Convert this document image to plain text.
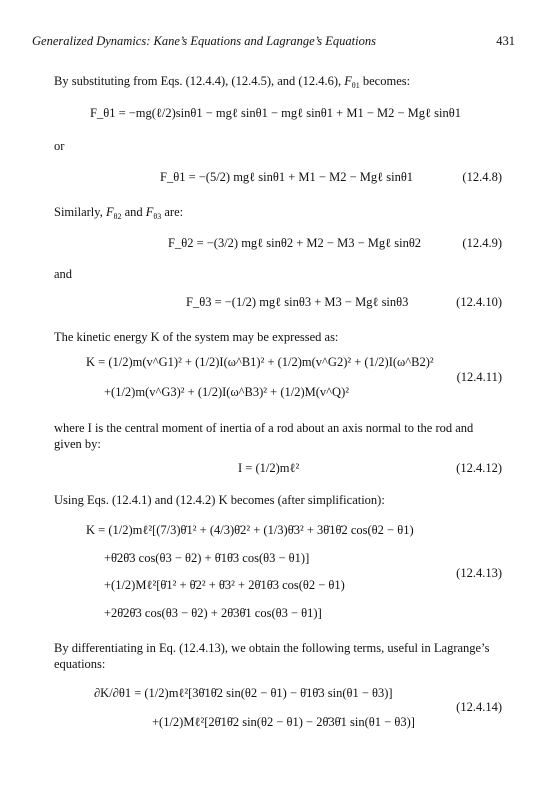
Generalized Dynamics: Kane’s Equations and Lagrange’s Equations	431
By substituting from Eqs. (12.4.4), (12.4.5), and (12.4.6), $F_{\theta 1}$ becomes:
F_θ1 = −mg(ℓ/2)sinθ1 − mgℓ sinθ1 − mgℓ sinθ1 + M1 − M2 − Mgℓ sinθ1
or
F_θ1 = −(5/2) mgℓ sinθ1 + M1 − M2 − Mgℓ sinθ1	(12.4.8)
Similarly, $F_{\theta 2}$ and $F_{\theta 3}$ are:
F_θ2 = −(3/2) mgℓ sinθ2 + M2 − M3 − Mgℓ sinθ2	(12.4.9)
and
F_θ3 = −(1/2) mgℓ sinθ3 + M3 − Mgℓ sinθ3	(12.4.10)
The kinetic energy K of the system may be expressed as:
K = (1/2)m(v^G1)² + (1/2)I(ω^B1)² + (1/2)m(v^G2)² + (1/2)I(ω^B2)²
+(1/2)m(v^G3)² + (1/2)I(ω^B3)² + (1/2)M(v^Q)²
(12.4.11)
where I is the central moment of inertia of a rod about an axis normal to the rod and given by:
I = (1/2)mℓ²	(12.4.12)
Using Eqs. (12.4.1) and (12.4.2) K becomes (after simplification):
K = (1/2)mℓ²[(7/3)θ̇1² + (4/3)θ̇2² + (1/3)θ̇3² + 3θ̇1θ̇2 cos(θ2 − θ1)
+θ̇2θ̇3 cos(θ3 − θ2) + θ̇1θ̇3 cos(θ3 − θ1)]
+(1/2)Mℓ²[θ̇1² + θ̇2² + θ̇3² + 2θ̇1θ̇3 cos(θ2 − θ1)
+2θ̇2θ̇3 cos(θ3 − θ2) + 2θ̇3θ̇1 cos(θ3 − θ1)]
(12.4.13)
By differentiating in Eq. (12.4.13), we obtain the following terms, useful in Lagrange’s equations:
∂K/∂θ1 = (1/2)mℓ²[3θ̇1θ̇2 sin(θ2 − θ1) − θ̇1θ̇3 sin(θ1 − θ3)]
+(1/2)Mℓ²[2θ̇1θ̇2 sin(θ2 − θ1) − 2θ̇3θ̇1 sin(θ1 − θ3)]
(12.4.14)
